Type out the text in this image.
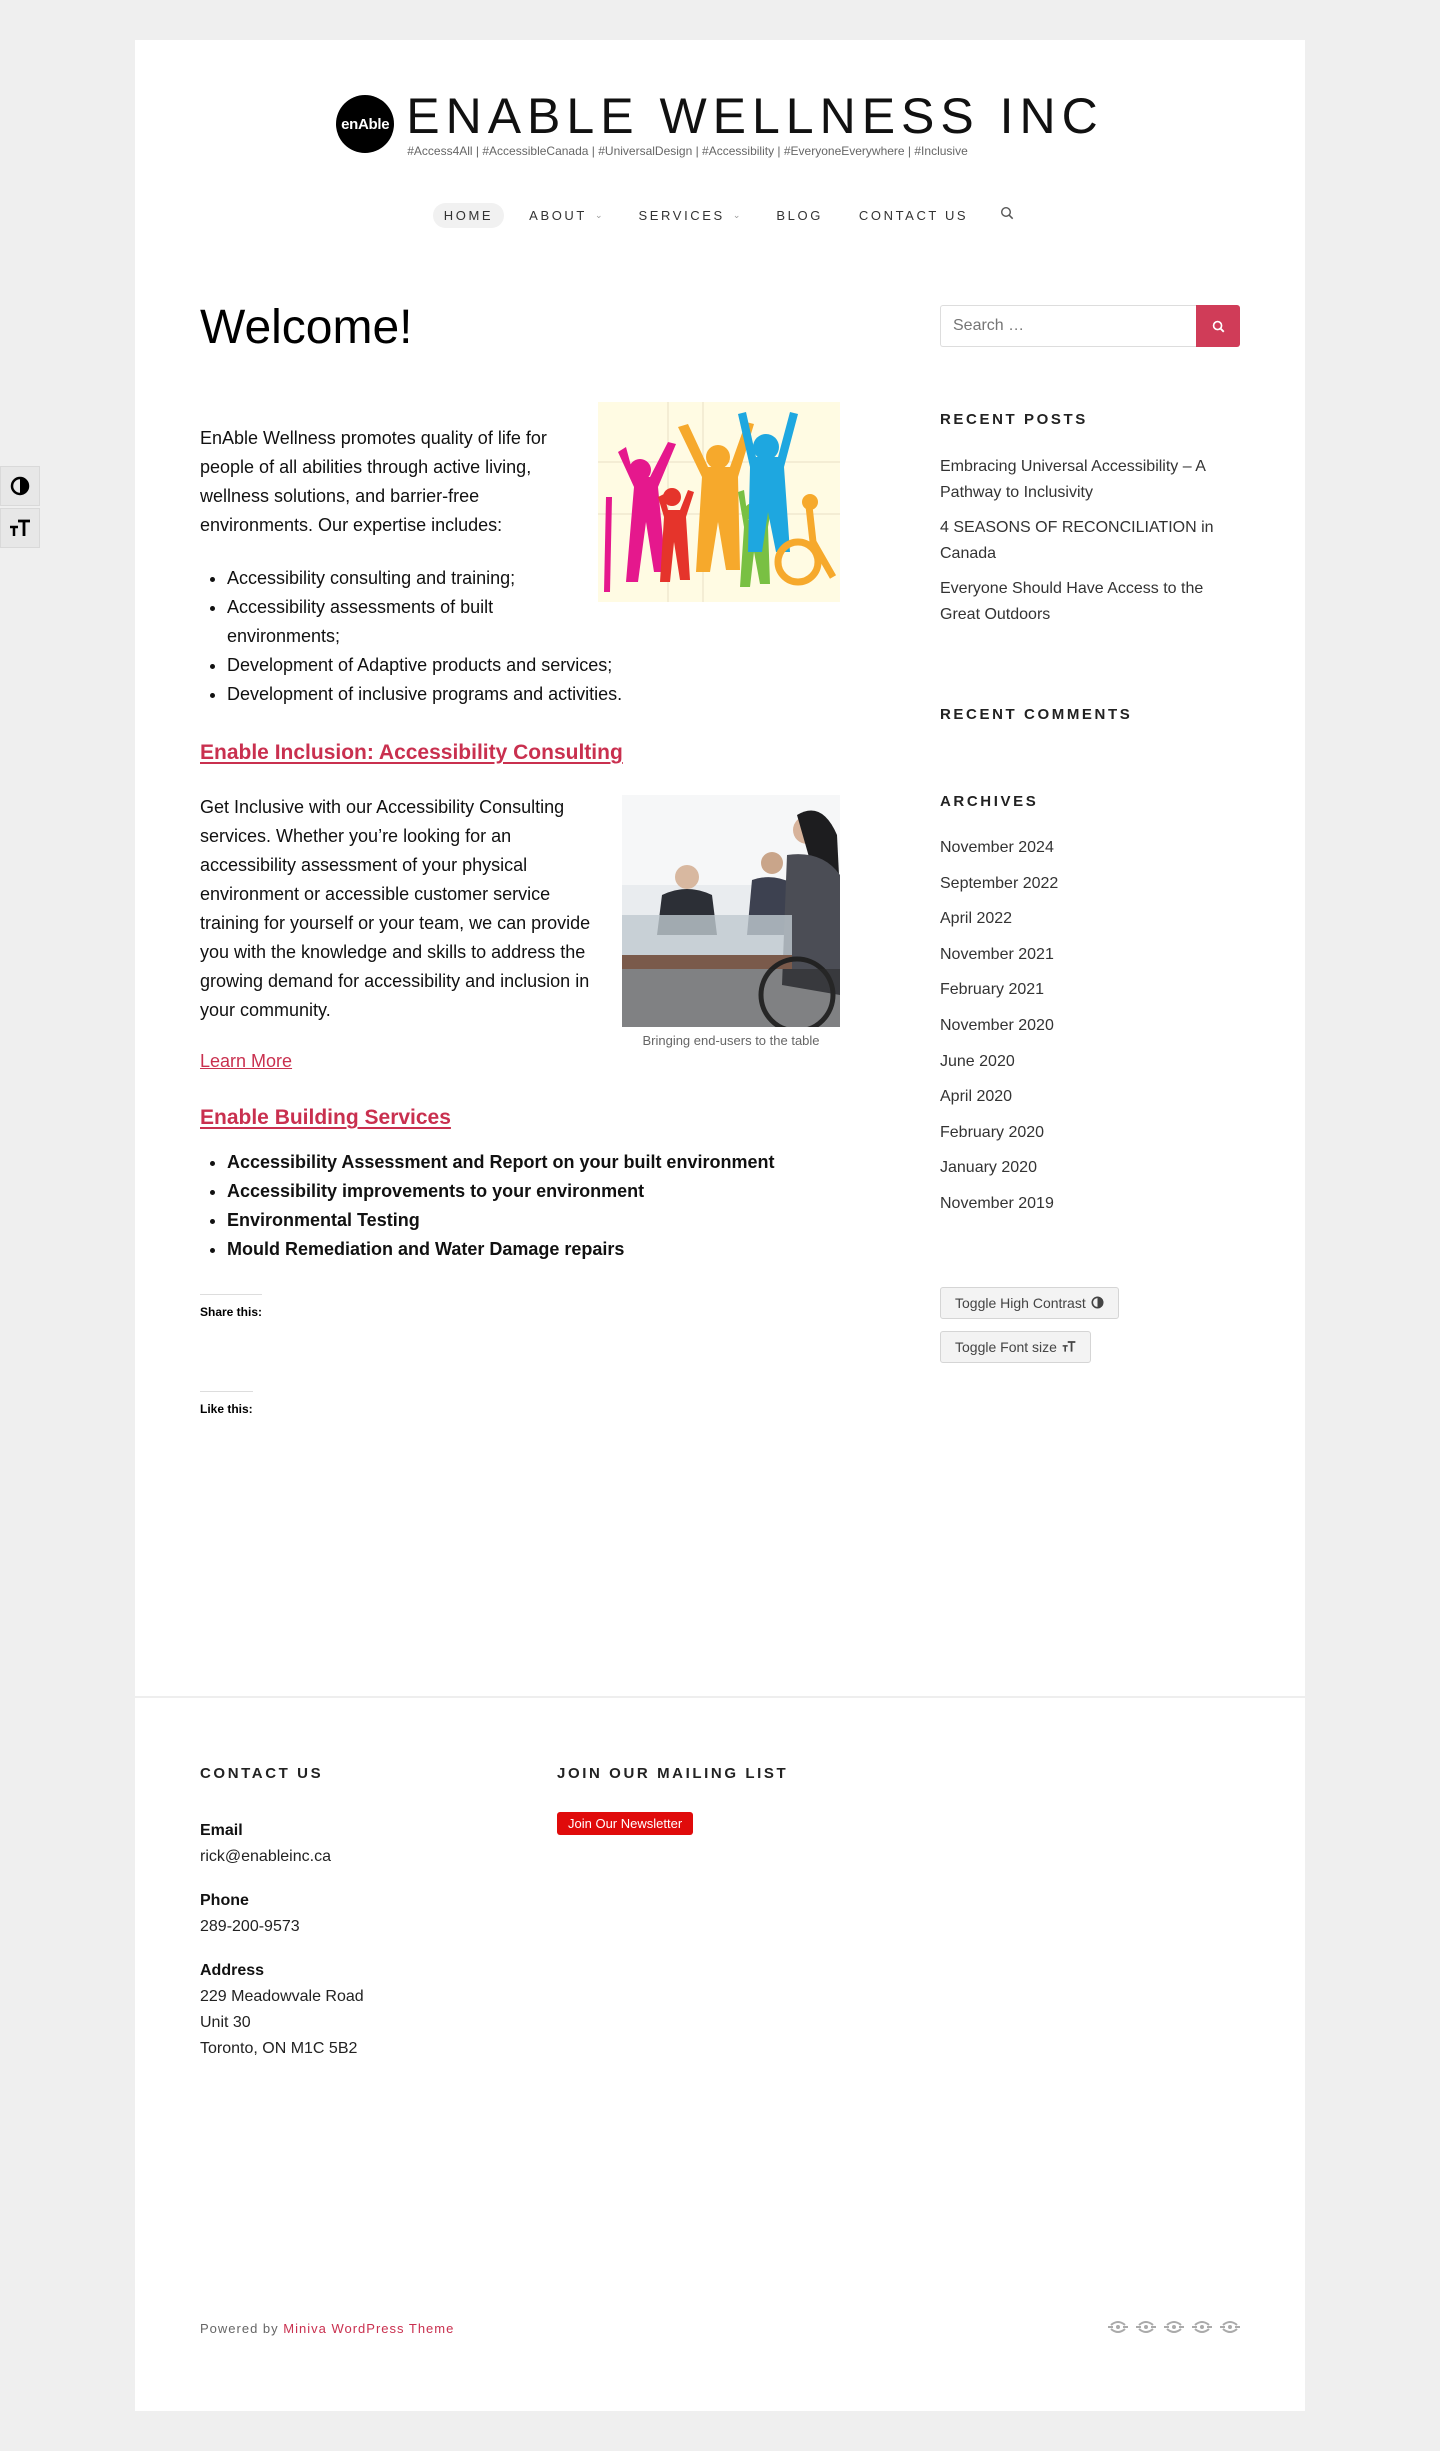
enAble ENABLE WELLNESS INC
#Access4All | #AccessibleCanada | #UniversalDesign | #Accessibility | #EveryoneEverywhere | #Inclusive
HOME	ABOUT ⌄	SERVICES ⌄	BLOG	CONTACT US
Welcome!

EnAble Wellness promotes quality of life for people of all abilities through active living, wellness solutions, and barrier-free environments. Our expertise includes:

• Accessibility consulting and training;
• Accessibility assessments of built environments;
• Development of Adaptive products and services;
• Development of inclusive programs and activities.
Enable Inclusion: Accessibility Consulting
Bringing end-users to the table

Get Inclusive with our Accessibility Consulting services. Whether you’re looking for an accessibility assessment of your physical environment or accessible customer service training for yourself or your team, we can provide you with the knowledge and skills to address the growing demand for accessibility and inclusion in your community.

Learn More
Enable Building Services
• Accessibility Assessment and Report on your built environment
• Accessibility improvements to your environment
• Environmental Testing
• Mould Remediation and Water Damage repairs
Share this:
Like this:
Search …
RECENT POSTS
Embracing Universal Accessibility – A Pathway to Inclusivity
4 SEASONS OF RECONCILIATION in Canada
Everyone Should Have Access to the Great Outdoors
RECENT COMMENTS
ARCHIVES
November 2024
September 2022
April 2022
November 2021
February 2021
November 2020
June 2020
April 2020
February 2020
January 2020
November 2019
Toggle High Contrast
Toggle Font size
CONTACT US
Email
rick@enableinc.ca
Phone
289-200-9573
Address
229 Meadowvale Road
Unit 30
Toronto, ON M1C 5B2
JOIN OUR MAILING LIST
Join Our Newsletter
Powered by Miniva WordPress Theme
